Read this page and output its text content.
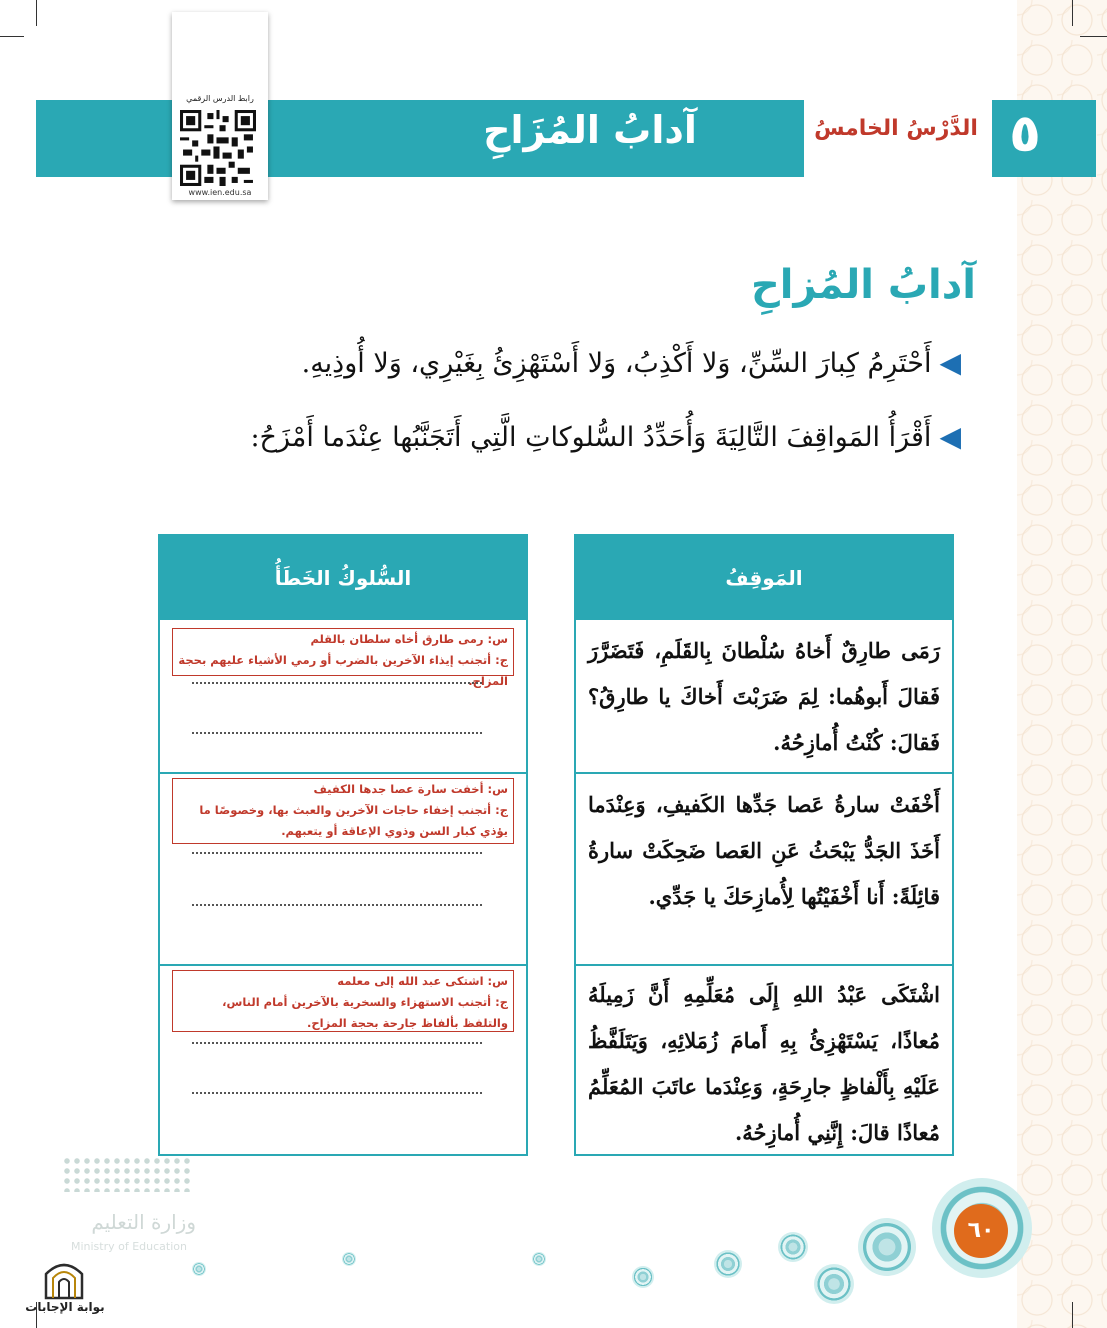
آدابُ المُزَاحِ	الدَّرْسُ الخامسُ ٥
رابط الدرس الرقمي
www.ien.edu.sa
آدابُ المُزاحِ
◀أَحْتَرِمُ كِبارَ السِّنِّ، وَلا أَكْذِبُ، وَلا أَسْتَهْزِئُ بِغَيْرِي، وَلا أُوذِيهِ.
◀أَقْرَأُ المَواقِفَ التَّالِيَةَ وَأُحَدِّدُ السُّلوكاتِ الَّتِي أَتَجَنَّبُها عِنْدَما أَمْزَحُ:
المَوقِفُ
رَمَى طارِقٌ أَخاهُ سُلْطانَ بِالقَلَمِ، فَتَضَرَّرَ فَقالَ أَبوهُما: لِمَ ضَرَبْتَ أَخاكَ يا طارِقُ؟ فَقالَ: كُنْتُ أُمازِحُهُ.
أَخْفَتْ سارةُ عَصا جَدِّها الكَفيفِ، وَعِنْدَما أَخَذَ الجَدُّ يَبْحَثُ عَنِ العَصا ضَحِكَتْ سارةُ قائِلَةً: أَنا أَخْفَيْتُها لِأُمازِحَكَ يا جَدِّي.
اشْتَكَى عَبْدُ اللهِ إِلَى مُعَلِّمِهِ أَنَّ زَمِيلَهُ مُعاذًا، يَسْتَهْزِئُ بِهِ أَمامَ زُمَلائِهِ، وَيَتَلَفَّظُ عَلَيْهِ بِأَلْفاظٍ جارِحَةٍ، وَعِنْدَما عاتَبَ المُعَلِّمُ مُعاذًا قالَ: إِنَّنِي أُمازِحُهُ.
السُّلوكُ الخَطَأُ
س: رمى طارق أخاه سلطان بالقلم
ج: أتجنب إيذاء الآخرين بالضرب أو رمي الأشياء عليهم بحجة المزاح.
س: أخفت سارة عصا جدها الكفيف
ج: أتجنب إخفاء حاجات الآخرين والعبث بها، وخصوصًا ما يؤذي كبار السن وذوي الإعاقة أو يتعبهم.
س: اشتكى عبد الله إلى معلمه
ج: أتجنب الاستهزاء والسخرية بالآخرين أمام الناس، والتلفظ بألفاظ جارحة بحجة المزاح.
وزارة التعليم
Ministry of Education
٦٠
بوابة الإجابات
